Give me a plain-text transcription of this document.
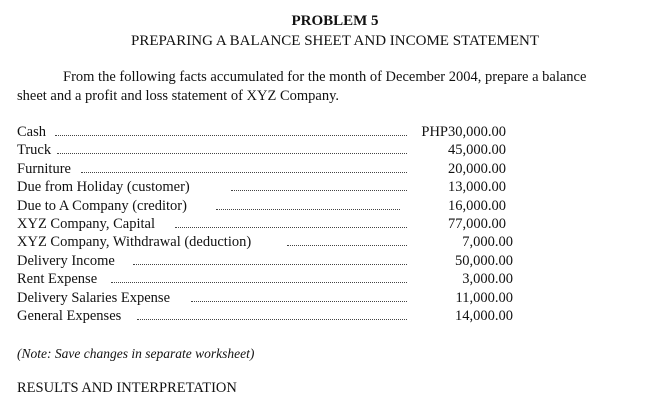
PROBLEM 5
PREPARING A BALANCE SHEET AND INCOME STATEMENT
From the following facts accumulated for the month of December 2004, prepare a balance
sheet and a profit and loss statement of XYZ Company.
Cash	PHP30,000.00
Truck	45,000.00
Furniture	20,000.00
Due from Holiday (customer)	13,000.00
Due to A Company (creditor)	16,000.00
XYZ Company, Capital	77,000.00
XYZ Company, Withdrawal (deduction)	7,000.00
Delivery Income	50,000.00
Rent Expense	3,000.00
Delivery Salaries Expense	11,000.00
General Expenses	14,000.00
(Note: Save changes in separate worksheet)
RESULTS AND INTERPRETATION
